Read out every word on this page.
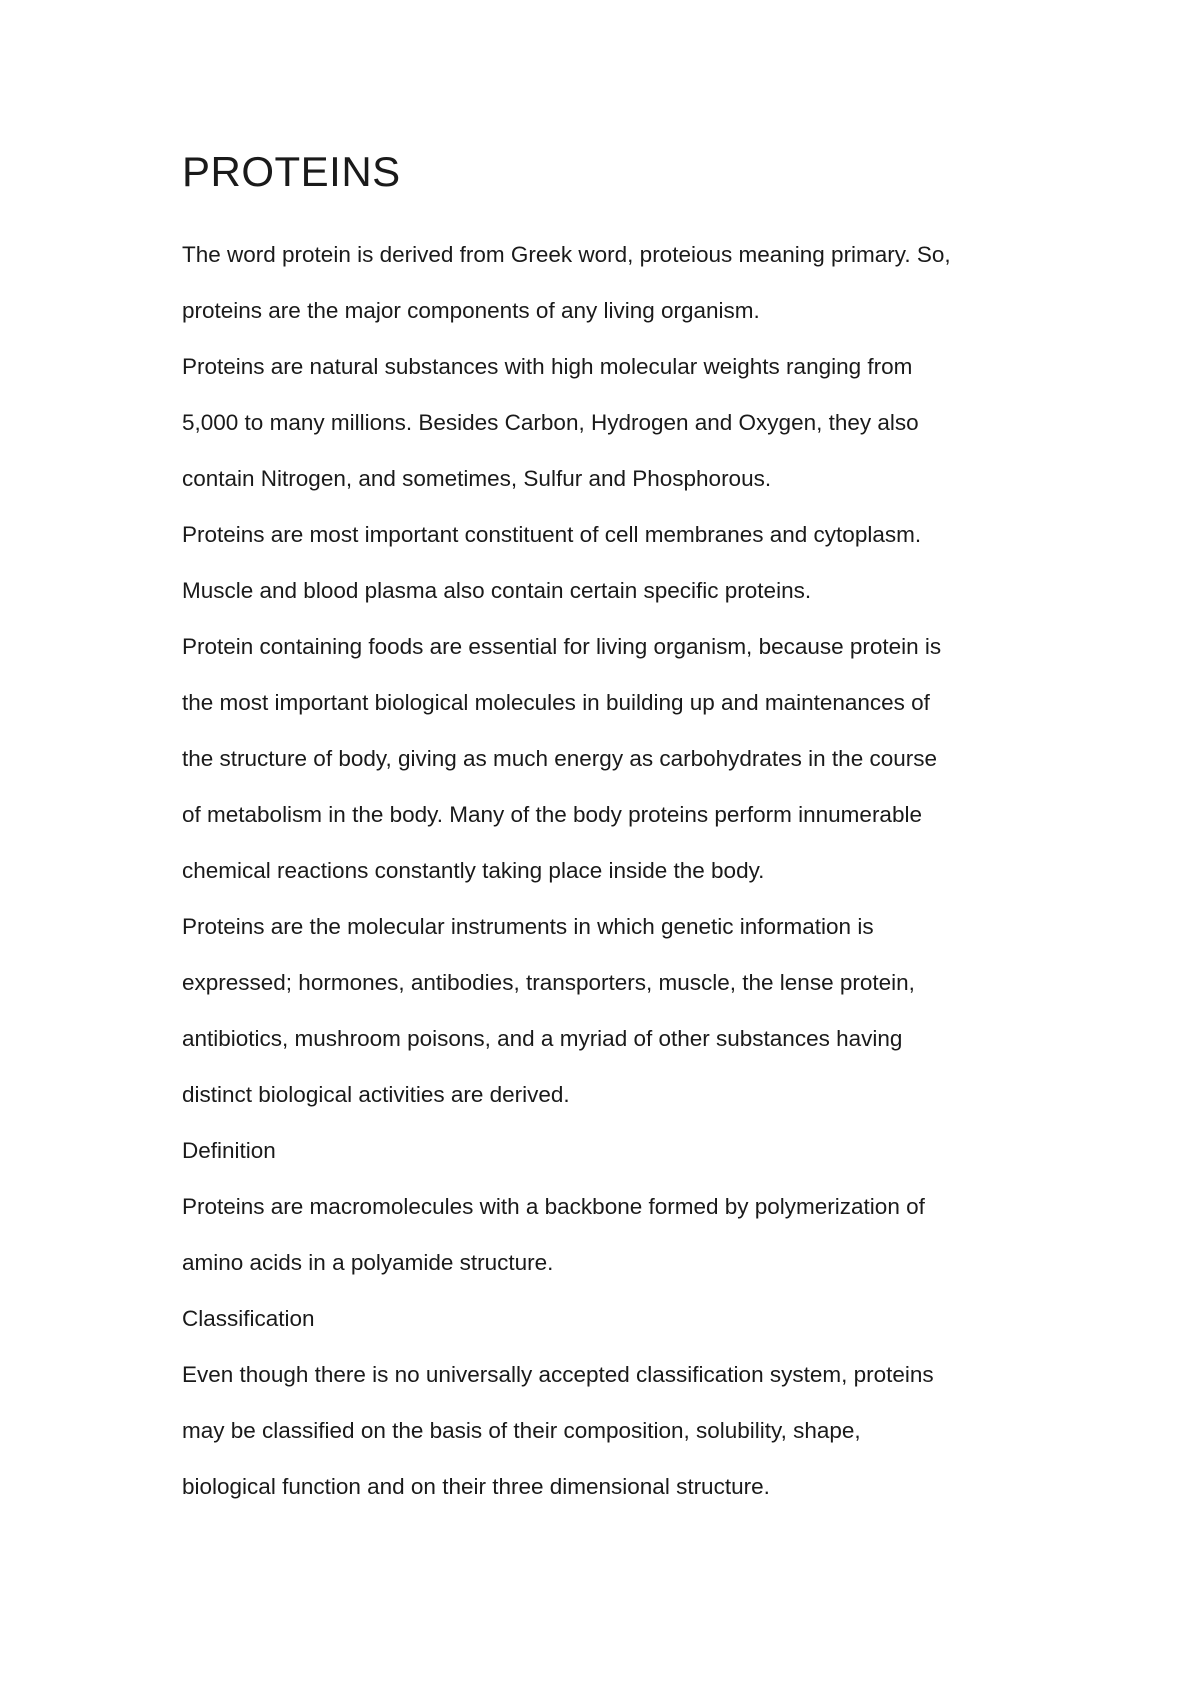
PROTEINS
The word protein is derived from Greek word, proteious meaning primary. So,
proteins are the major components of any living organism.
Proteins are natural substances with high molecular weights ranging from
5,000 to many millions. Besides Carbon, Hydrogen and Oxygen, they also
contain Nitrogen, and sometimes, Sulfur and Phosphorous.
Proteins are most important constituent of cell membranes and cytoplasm.
Muscle and blood plasma also contain certain specific proteins.
Protein containing foods are essential for living organism, because protein is
the most important biological molecules in building up and maintenances of
the structure of body, giving as much energy as carbohydrates in the course
of metabolism in the body. Many of the body proteins perform innumerable
chemical reactions constantly taking place inside the body.
Proteins are the molecular instruments in which genetic information is
expressed; hormones, antibodies, transporters, muscle, the lense protein,
antibiotics, mushroom poisons, and a myriad of other substances having
distinct biological activities are derived.
Definition
Proteins are macromolecules with a backbone formed by polymerization of
amino acids in a polyamide structure.
Classification
Even though there is no universally accepted classification system, proteins
may be classified on the basis of their composition, solubility, shape,
biological function and on their three dimensional structure.
